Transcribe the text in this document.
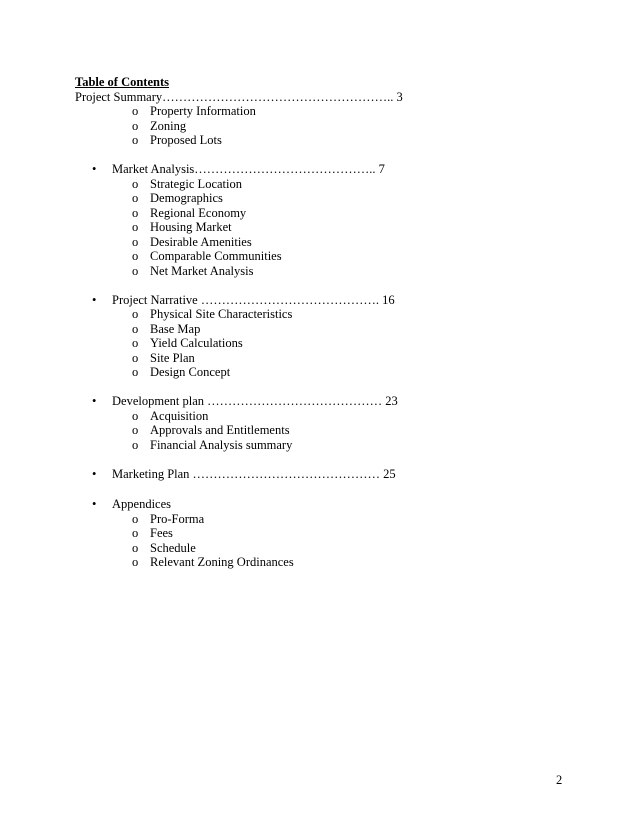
Table of Contents
Project Summary……………………………………………….. 3
o Property Information
o Zoning
o Proposed Lots
• Market Analysis…………………………………….. 7
o Strategic Location
o Demographics
o Regional Economy
o Housing Market
o Desirable Amenities
o Comparable Communities
o Net Market Analysis
• Project Narrative ……………………………………. 16
o Physical Site Characteristics
o Base Map
o Yield Calculations
o Site Plan
o Design Concept
• Development plan …………………………………… 23
o Acquisition
o Approvals and Entitlements
o Financial Analysis summary
• Marketing Plan ……………………………………… 25
• Appendices
o Pro-Forma
o Fees
o Schedule
o Relevant Zoning Ordinances
2
